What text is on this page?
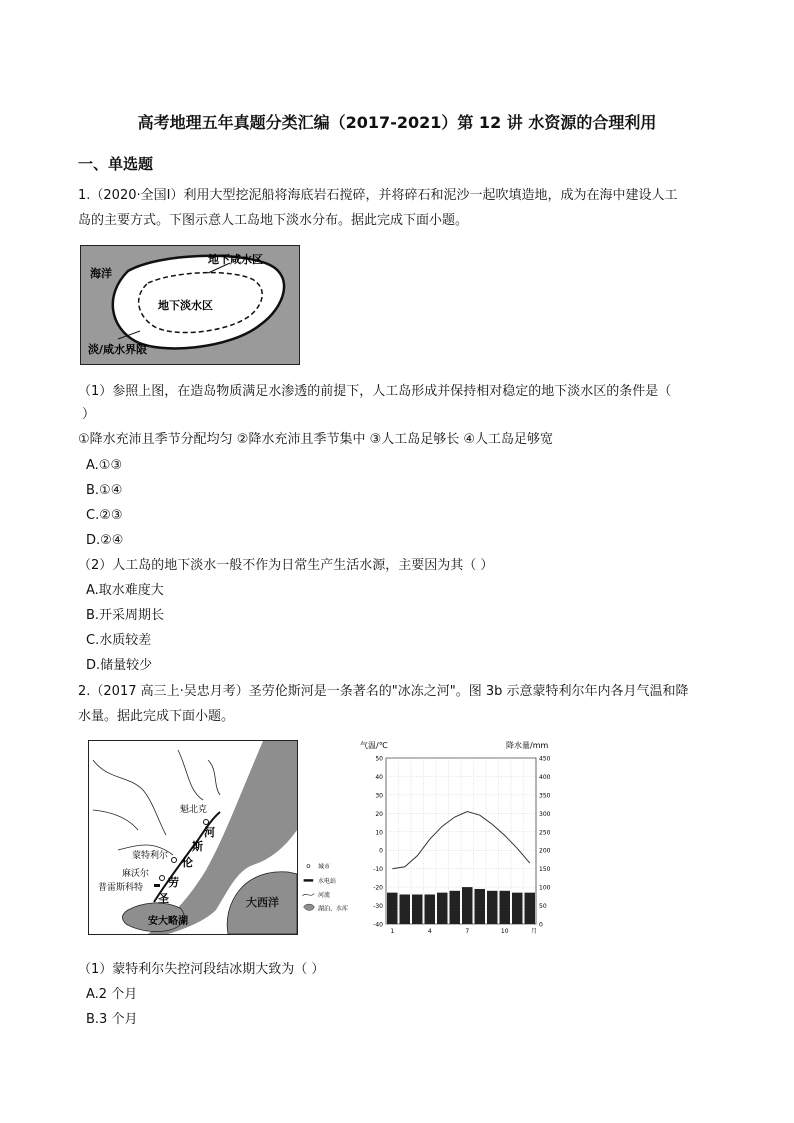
高考地理五年真题分类汇编（2017-2021）第 12 讲 水资源的合理利用
一、单选题
1.（2020·全国Ⅰ）利用大型挖泥船将海底岩石搅碎，并将碎石和泥沙一起吹填造地，成为在海中建设人工
岛的主要方式。下图示意人工岛地下淡水分布。据此完成下面小题。
海洋
地下咸水区
地下淡水区
淡/咸水界限
（1）参照上图，在造岛物质满足水渗透的前提下，人工岛形成并保持相对稳定的地下淡水区的条件是（
）
①降水充沛且季节分配均匀 ②降水充沛且季节集中 ③人工岛足够长 ④人工岛足够宽
A.①③
B.①④
C.②③
D.②④
（2）人工岛的地下淡水一般不作为日常生产生活水源，主要因为其（ ）
A.取水难度大
B.开采周期长
C.水质较差
D.储量较少
2.（2017 高三上·吴忠月考）圣劳伦斯河是一条著名的"冰冻之河"。图 3b 示意蒙特利尔年内各月气温和降
水量。据此完成下面小题。
魁北克
蒙特利尔
麻沃尔
普雷斯科特
河
斯
伦
劳
圣
安大略湖
大西洋
城市
水电站
河流
湖泊、水库
气温/℃	降水量/mm
50
40
30
20
10
0
-10
-20
-30
-40
450
400
350
300
250
200
150
100
50
0
1	4	7	10	月
（1）蒙特利尔失控河段结冰期大致为（ ）
A.2 个月
B.3 个月
